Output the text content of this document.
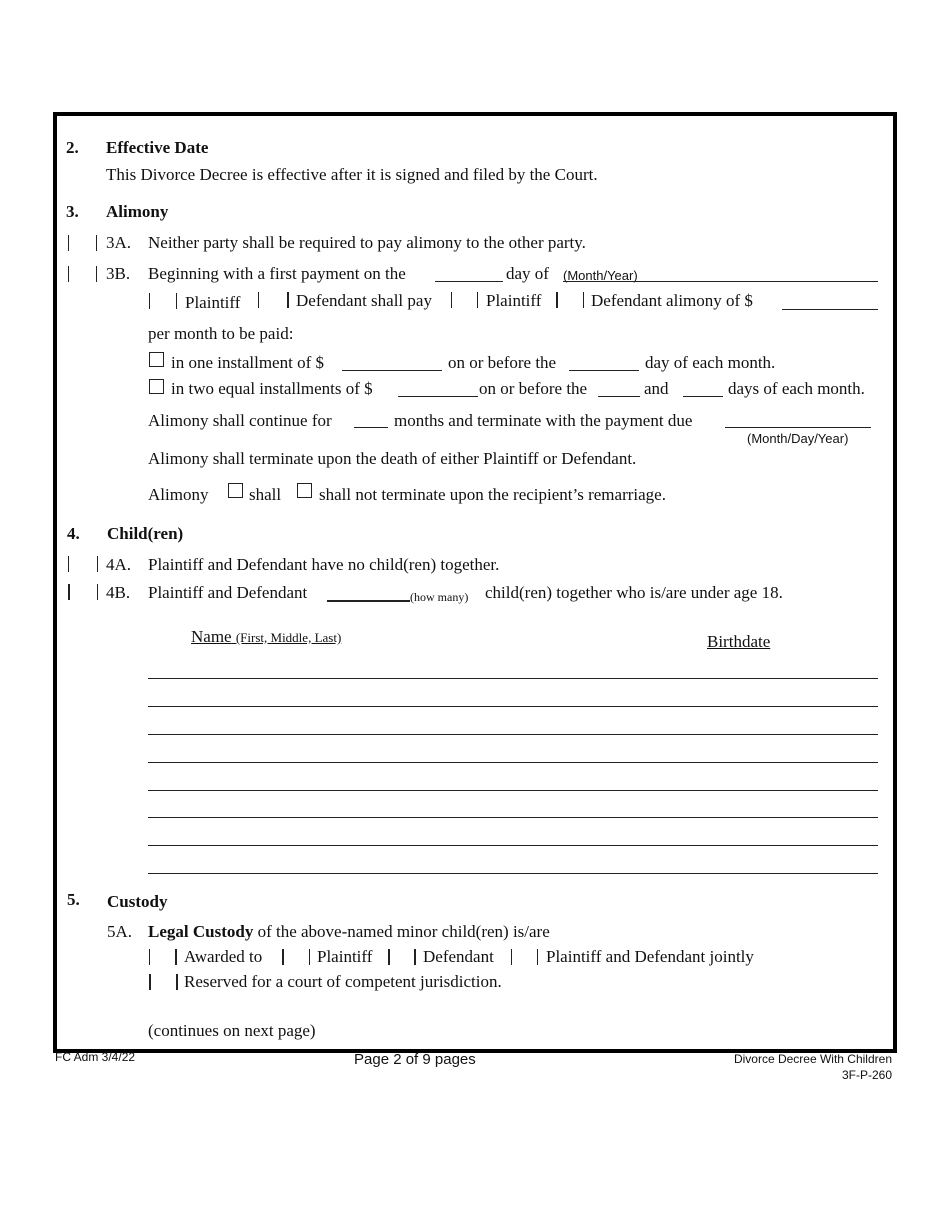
2. Effective Date
This Divorce Decree is effective after it is signed and filed by the Court.
3. Alimony
3A. Neither party shall be required to pay alimony to the other party.
3B. Beginning with a first payment on the	day of (Month/Year)
Plaintiff	Defendant shall pay	Plaintiff	Defendant alimony of $
per month to be paid:
in one installment of $	on or before the	day of each month.
in two equal installments of $	on or before the	and	days of each month.
Alimony shall continue for	months and terminate with the payment due
(Month/Day/Year)
Alimony shall terminate upon the death of either Plaintiff or Defendant.
Alimony shall shall not terminate upon the recipient’s remarriage.
4. Child(ren)
4A. Plaintiff and Defendant have no child(ren) together.
4B. Plaintiff and Defendant	(how many) child(ren) together who is/are under age 18.
Name (First, Middle, Last)	Birthdate
5. Custody
5A. Legal Custody of the above-named minor child(ren) is/are
Awarded to	Plaintiff	Defendant	Plaintiff and Defendant jointly
Reserved for a court of competent jurisdiction.
(continues on next page)
FC Adm 3/4/22	Page 2 of 9 pages	Divorce Decree With Children
3F-P-260
